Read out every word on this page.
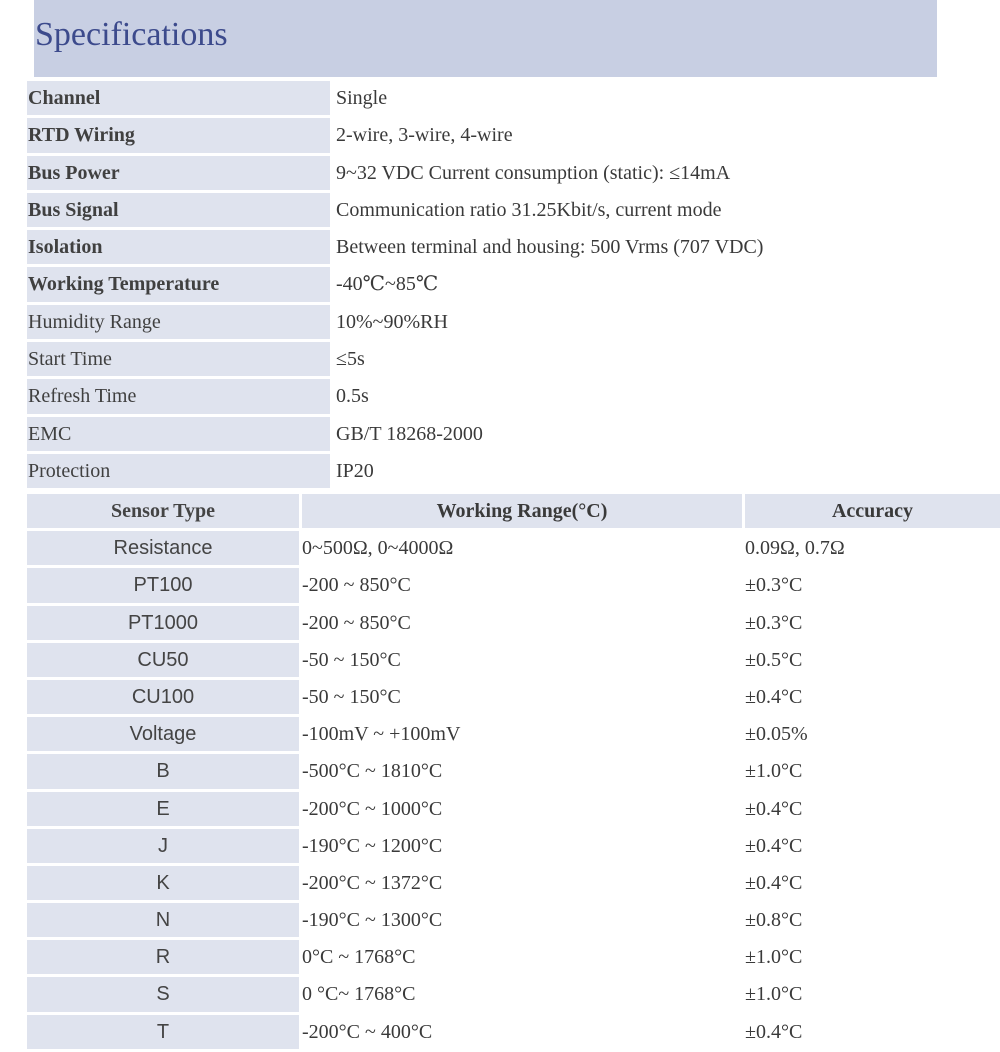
Specifications
Channel	Single
RTD Wiring	2-wire, 3-wire, 4-wire
Bus Power	9~32 VDC Current consumption (static): ≤14mA
Bus Signal	Communication ratio 31.25Kbit/s, current mode
Isolation	Between terminal and housing: 500 Vrms (707 VDC)
Working Temperature	-40℃~85℃
Humidity Range	10%~90%RH
Start Time	≤5s
Refresh Time	0.5s
EMC	GB/T 18268-2000
Protection	IP20
Sensor Type	Working Range(°C)	Accuracy
Resistance	0~500Ω, 0~4000Ω	0.09Ω, 0.7Ω
PT100	-200 ~ 850°C	±0.3°C
PT1000	-200 ~ 850°C	±0.3°C
CU50	-50 ~ 150°C	±0.5°C
CU100	-50 ~ 150°C	±0.4°C
Voltage	-100mV ~ +100mV	±0.05%
B	-500°C ~ 1810°C	±1.0°C
E	-200°C ~ 1000°C	±0.4°C
J	-190°C ~ 1200°C	±0.4°C
K	-200°C ~ 1372°C	±0.4°C
N	-190°C ~ 1300°C	±0.8°C
R	0°C ~ 1768°C	±1.0°C
S	0 °C~ 1768°C	±1.0°C
T	-200°C ~ 400°C	±0.4°C
